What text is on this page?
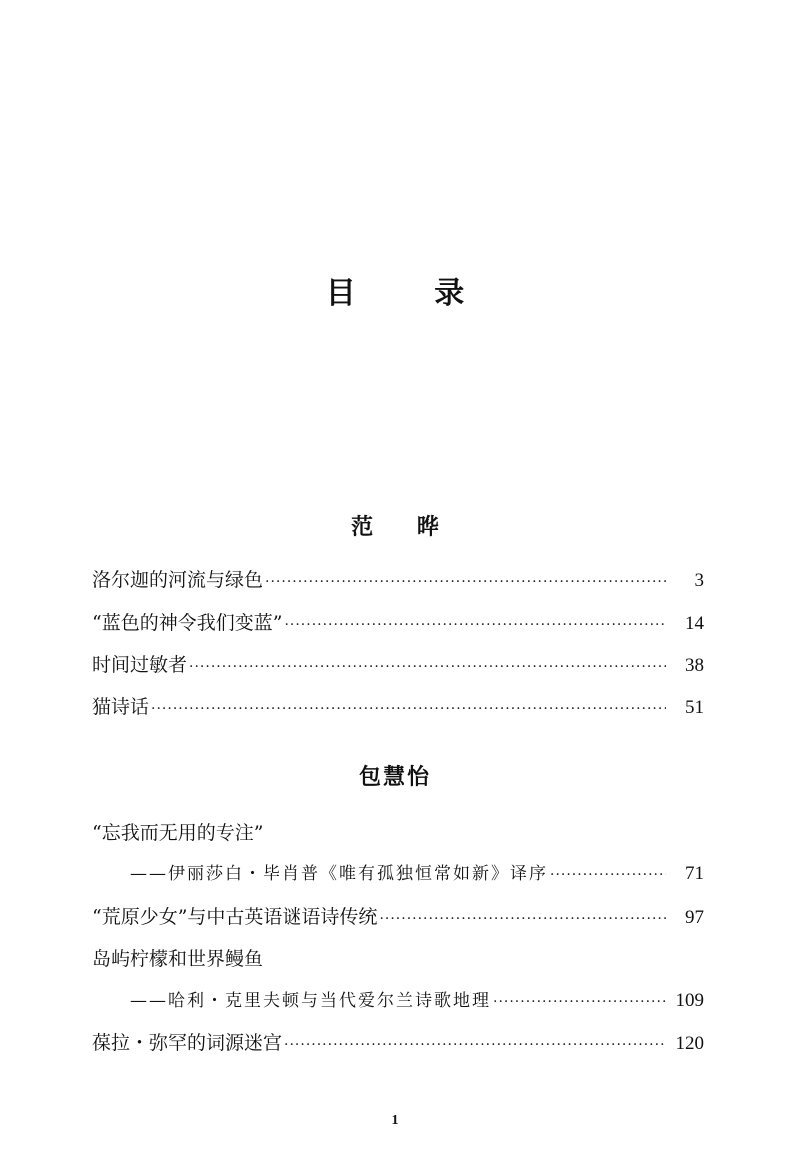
目 录
范 晔
洛尔迦的河流与绿色 ·····	3
“蓝色的神令我们变蓝” ·····	14
时间过敏者 ·····	38
猫诗话 ·····	51
包慧怡
“忘我而无用的专注”
——伊丽莎白・毕肖普《唯有孤独恒常如新》译序 ·····	71
“荒原少女”与中古英语谜语诗传统 ·····	97
岛屿柠檬和世界鳗鱼
——哈利・克里夫顿与当代爱尔兰诗歌地理 ·····	109
葆拉・弥罕的词源迷宫 ·····	120
1
